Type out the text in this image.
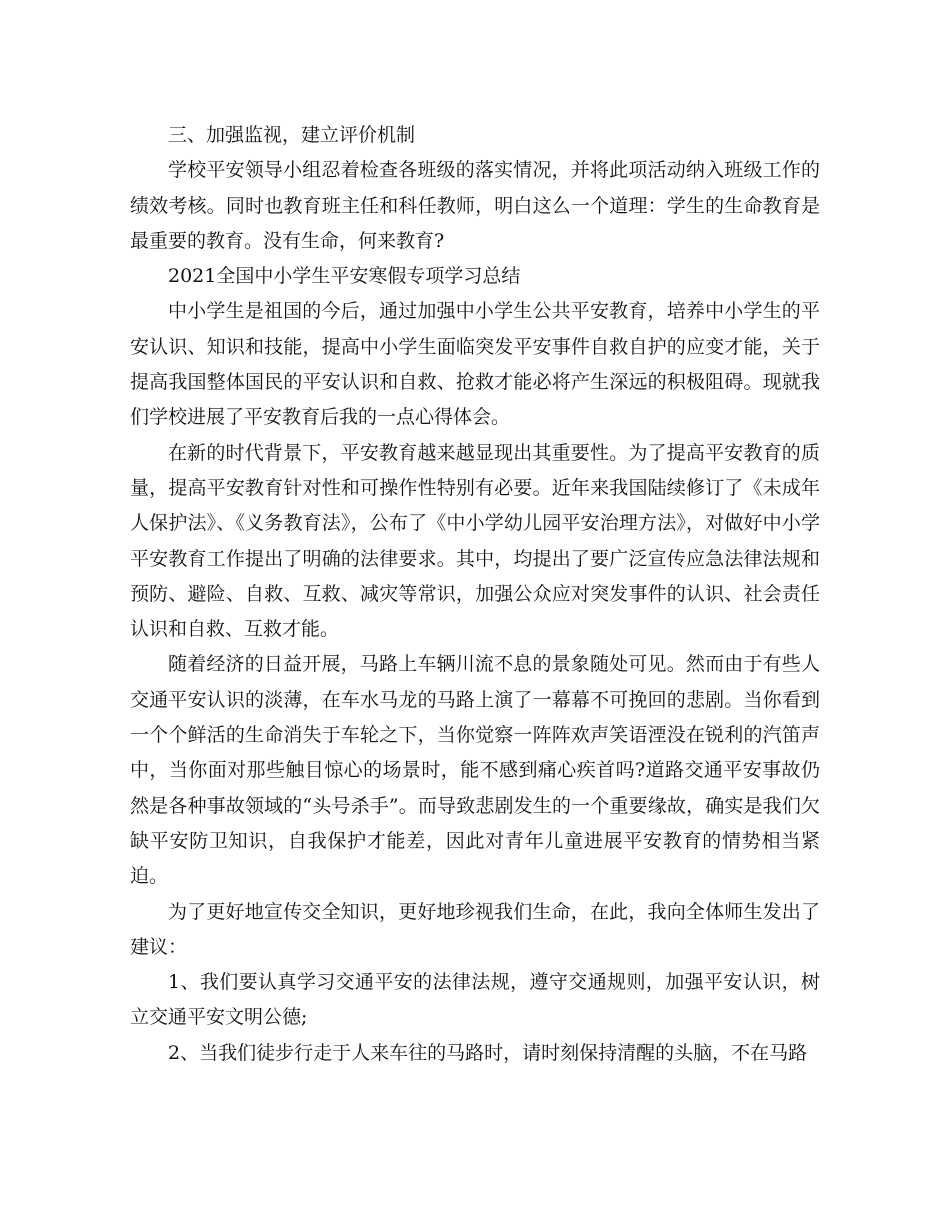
三、加强监视，建立评价机制

学校平安领导小组忍着检查各班级的落实情况，并将此项活动纳入班级工作的绩效考核。同时也教育班主任和科任教师，明白这么一个道理：学生的生命教育是最重要的教育。没有生命，何来教育?

2021全国中小学生平安寒假专项学习总结

中小学生是祖国的今后，通过加强中小学生公共平安教育，培养中小学生的平安认识、知识和技能，提高中小学生面临突发平安事件自救自护的应变才能，关于提高我国整体国民的平安认识和自救、抢救才能必将产生深远的积极阻碍。现就我们学校进展了平安教育后我的一点心得体会。

在新的时代背景下，平安教育越来越显现出其重要性。为了提高平安教育的质量，提高平安教育针对性和可操作性特别有必要。近年来我国陆续修订了《未成年人保护法》、《义务教育法》，公布了《中小学幼儿园平安治理方法》，对做好中小学平安教育工作提出了明确的法律要求。其中，均提出了要广泛宣传应急法律法规和预防、避险、自救、互救、减灾等常识，加强公众应对突发事件的认识、社会责任认识和自救、互救才能。

随着经济的日益开展，马路上车辆川流不息的景象随处可见。然而由于有些人交通平安认识的淡薄，在车水马龙的马路上演了一幕幕不可挽回的悲剧。当你看到一个个鲜活的生命消失于车轮之下，当你觉察一阵阵欢声笑语湮没在锐利的汽笛声中，当你面对那些触目惊心的场景时，能不感到痛心疾首吗?道路交通平安事故仍然是各种事故领域的“头号杀手”。而导致悲剧发生的一个重要缘故，确实是我们欠缺平安防卫知识，自我保护才能差，因此对青年儿童进展平安教育的情势相当紧迫。

为了更好地宣传交全知识，更好地珍视我们生命，在此，我向全体师生发出了建议：

1、我们要认真学习交通平安的法律法规，遵守交通规则，加强平安认识，树立交通平安文明公德;

2、当我们徒步行走于人来车往的马路时，请时刻保持清醒的头脑，不在马路
